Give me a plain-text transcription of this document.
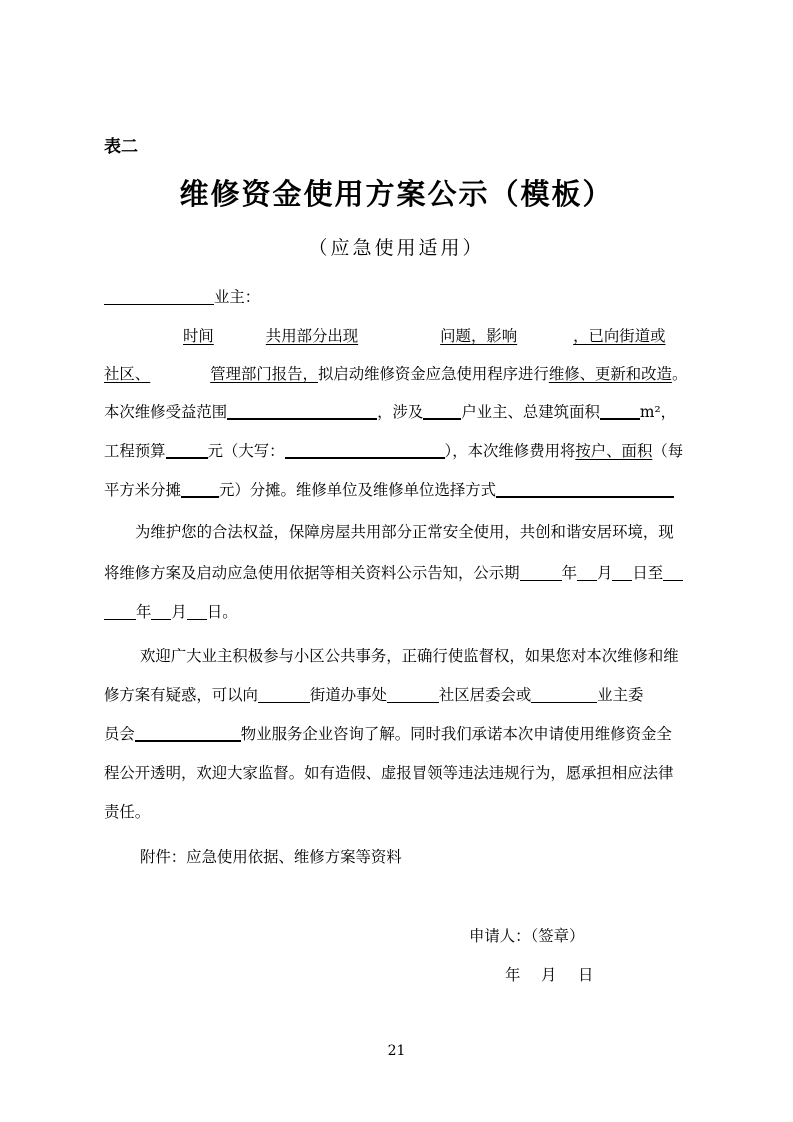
表二
维修资金使用方案公示（模板）
（应急使用适用）
业主：
时间	共用部分出现	问题，影响	，已向街道或
社区、	管理部门报告，拟启动维修资金应急使用程序进行维修、更新和改造。
本次维修受益范围	，涉及 户业主、总建筑面积	m²，
工程预算	元（大写：	），本次维修费用将按户、面积（每
平方米分摊 元）分摊。维修单位及维修单位选择方式
为维护您的合法权益，保障房屋共用部分正常安全使用，共创和谐安居环境，现
将维修方案及启动应急使用依据等相关资料公示告知，公示期	年 月 日至
年 月 日。
欢迎广大业主积极参与小区公共事务，正确行使监督权，如果您对本次维修和维
修方案有疑惑，可以向	街道办事处	社区居委会或	业主委
员会	物业服务企业咨询了解。同时我们承诺本次申请使用维修资金全
程公开透明，欢迎大家监督。如有造假、虚报冒领等违法违规行为，愿承担相应法律
责任。
附件：应急使用依据、维修方案等资料
申请人：（签章）
年 月 日
21
